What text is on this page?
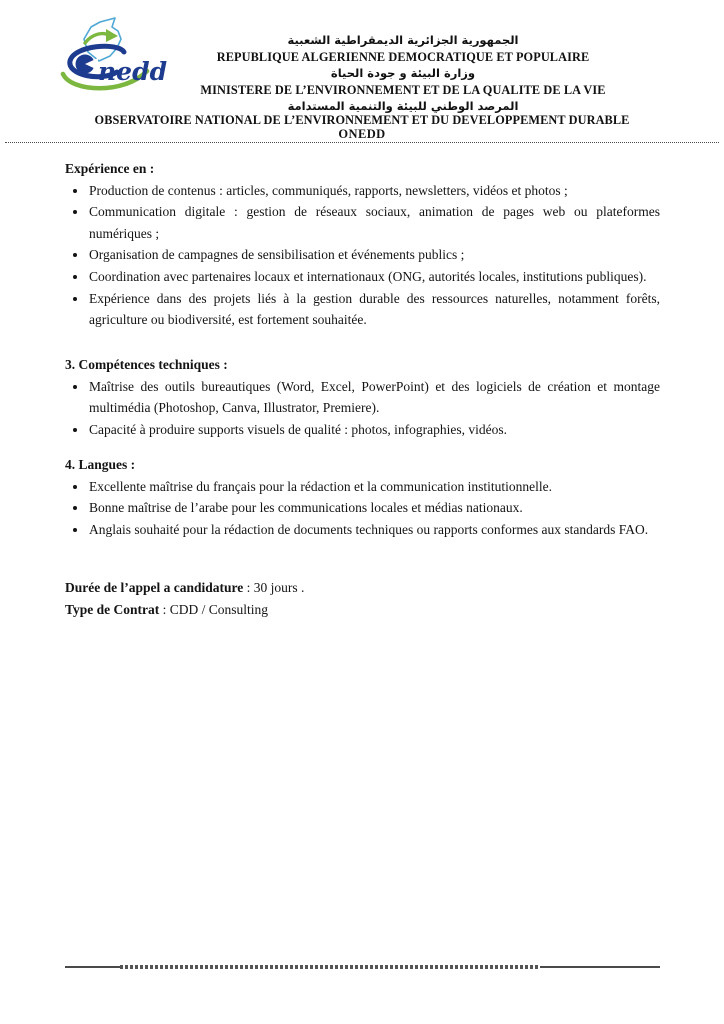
nedd
الجمهورية الجزائرية الديمقراطية الشعبية
REPUBLIQUE ALGERIENNE DEMOCRATIQUE ET POPULAIRE
وزارة البيئة و جودة الحياة
MINISTERE DE L’ENVIRONNEMENT ET DE LA QUALITE DE LA VIE
المرصد الوطني للبيئة والتنمية المستدامة
OBSERVATOIRE NATIONAL DE L’ENVIRONNEMENT ET DU DEVELOPPEMENT DURABLE
ONEDD
Expérience en :
• Production de contenus : articles, communiqués, rapports, newsletters, vidéos et photos ;
• Communication digitale : gestion de réseaux sociaux, animation de pages web ou plateformes numériques ;
• Organisation de campagnes de sensibilisation et événements publics ;
• Coordination avec partenaires locaux et internationaux (ONG, autorités locales, institutions publiques).
• Expérience dans des projets liés à la gestion durable des ressources naturelles, notamment forêts, agriculture ou biodiversité, est fortement souhaitée.
3. Compétences techniques :
• Maîtrise des outils bureautiques (Word, Excel, PowerPoint) et des logiciels de création et montage multimédia (Photoshop, Canva, Illustrator, Premiere).
• Capacité à produire supports visuels de qualité : photos, infographies, vidéos.
4. Langues :
• Excellente maîtrise du français pour la rédaction et la communication institutionnelle.
• Bonne maîtrise de l’arabe pour les communications locales et médias nationaux.
• Anglais souhaité pour la rédaction de documents techniques ou rapports conformes aux standards FAO.
Durée de l’appel a candidature : 30 jours .
Type de Contrat : CDD / Consulting
